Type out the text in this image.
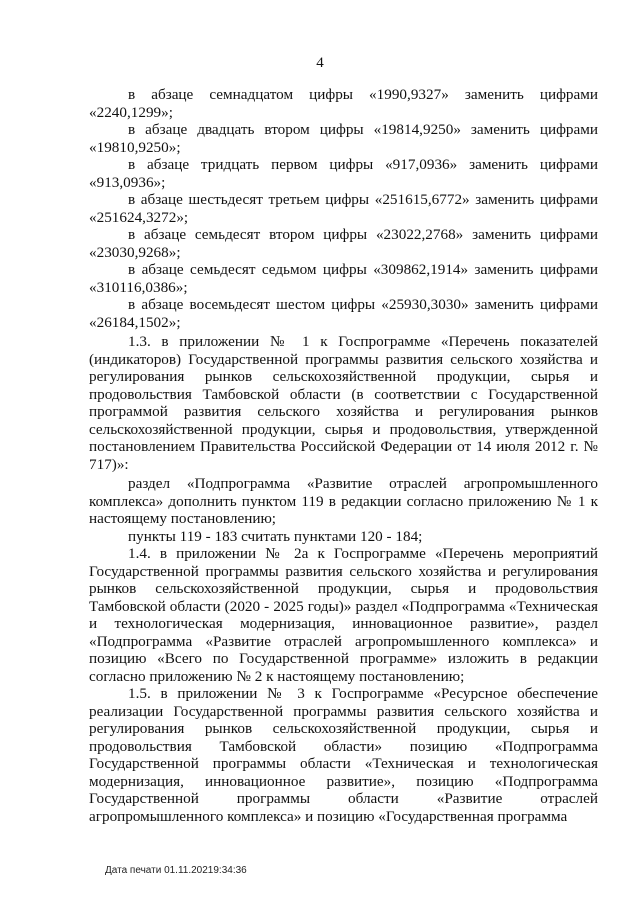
4

в абзаце семнадцатом цифры «1990,9327» заменить цифрами «2240,1299»;

в абзаце двадцать втором цифры «19814,9250» заменить цифрами «19810,9250»;

в абзаце тридцать первом цифры «917,0936» заменить цифрами «913,0936»;

в абзаце шестьдесят третьем цифры «251615,6772» заменить цифрами «251624,3272»;

в абзаце семьдесят втором цифры «23022,2768» заменить цифрами «23030,9268»;

в абзаце семьдесят седьмом цифры «309862,1914» заменить цифрами «310116,0386»;

в абзаце восемьдесят шестом цифры «25930,3030» заменить цифрами «26184,1502»;

1.3. в приложении № 1 к Госпрограмме «Перечень показателей (индикаторов) Государственной программы развития сельского хозяйства и регулирования рынков сельскохозяйственной продукции, сырья и продовольствия Тамбовской области (в соответствии с Государственной программой развития сельского хозяйства и регулирования рынков сельскохозяйственной продукции, сырья и продовольствия, утвержденной постановлением Правительства Российской Федерации от 14 июля 2012 г. № 717)»:

раздел «Подпрограмма «Развитие отраслей агропромышленного комплекса» дополнить пунктом 119 в редакции согласно приложению № 1 к настоящему постановлению;

пункты 119 - 183 считать пунктами 120 - 184;

1.4. в приложении № 2а к Госпрограмме «Перечень мероприятий Государственной программы развития сельского хозяйства и регулирования рынков сельскохозяйственной продукции, сырья и продовольствия Тамбовской области (2020 - 2025 годы)» раздел «Подпрограмма «Техническая и технологическая модернизация, инновационное развитие», раздел «Подпрограмма «Развитие отраслей агропромышленного комплекса» и позицию «Всего по Государственной программе» изложить в редакции согласно приложению № 2 к настоящему постановлению;

1.5. в приложении № 3 к Госпрограмме «Ресурсное обеспечение реализации Государственной программы развития сельского хозяйства и регулирования рынков сельскохозяйственной продукции, сырья и продовольствия Тамбовской области» позицию «Подпрограмма Государственной программы области «Техническая и технологическая модернизация, инновационное развитие», позицию «Подпрограмма Государственной программы области «Развитие отраслей агропромышленного комплекса» и позицию «Государственная программа

Дата печати 01.11.20219:34:36
